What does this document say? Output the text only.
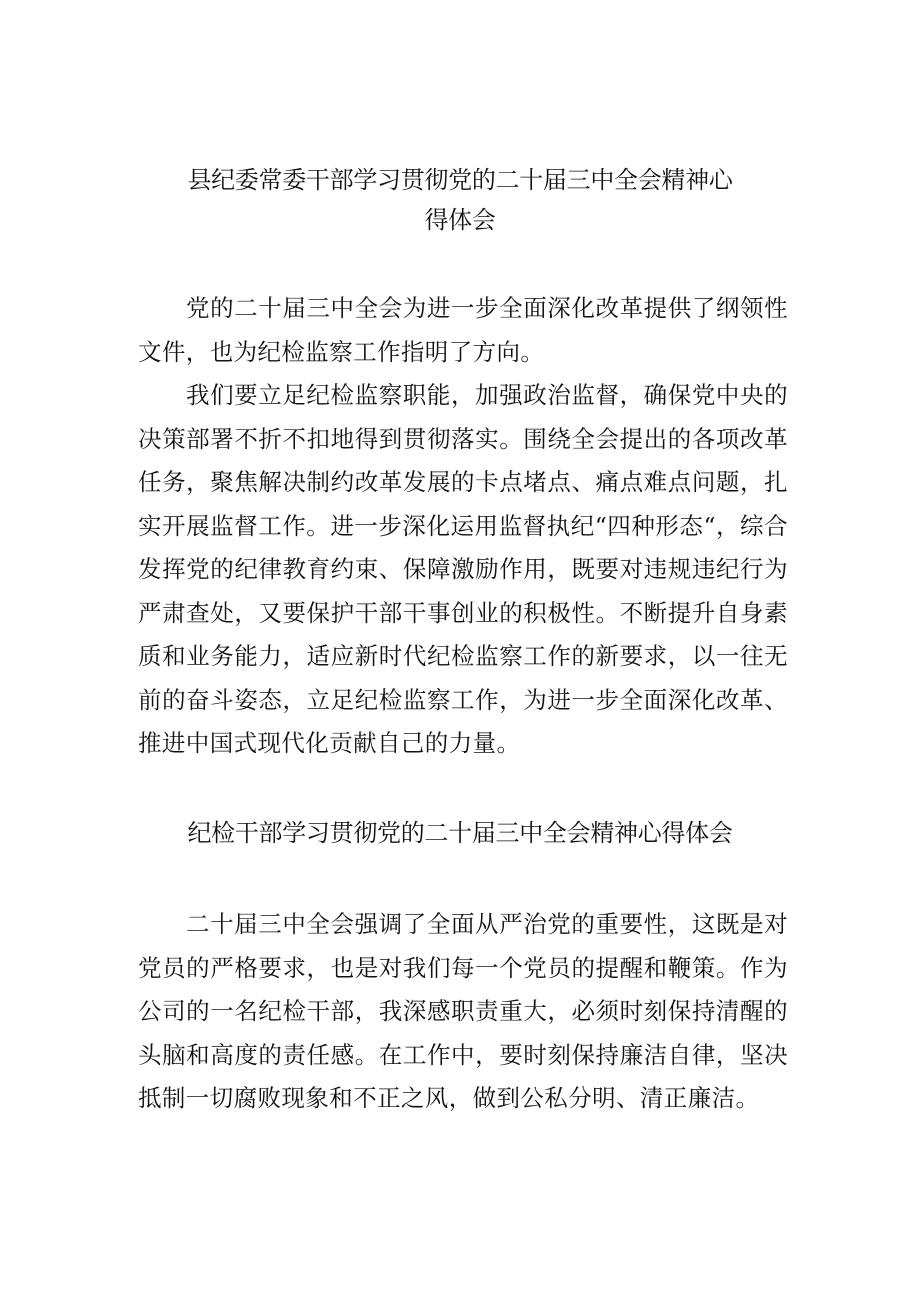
县纪委常委干部学习贯彻党的二十届三中全会精神心
得体会

党的二十届三中全会为进一步全面深化改革提供了纲领性文件，也为纪检监察工作指明了方向。

我们要立足纪检监察职能，加强政治监督，确保党中央的决策部署不折不扣地得到贯彻落实。围绕全会提出的各项改革任务，聚焦解决制约改革发展的卡点堵点、痛点难点问题，扎实开展监督工作。进一步深化运用监督执纪“四种形态“，综合发挥党的纪律教育约束、保障激励作用，既要对违规违纪行为严肃查处，又要保护干部干事创业的积极性。不断提升自身素质和业务能力，适应新时代纪检监察工作的新要求，以一往无前的奋斗姿态，立足纪检监察工作，为进一步全面深化改革、推进中国式现代化贡献自己的力量。

纪检干部学习贯彻党的二十届三中全会精神心得体会

二十届三中全会强调了全面从严治党的重要性，这既是对党员的严格要求，也是对我们每一个党员的提醒和鞭策。作为公司的一名纪检干部，我深感职责重大，必须时刻保持清醒的头脑和高度的责任感。在工作中，要时刻保持廉洁自律，坚决抵制一切腐败现象和不正之风，做到公私分明、清正廉洁。
